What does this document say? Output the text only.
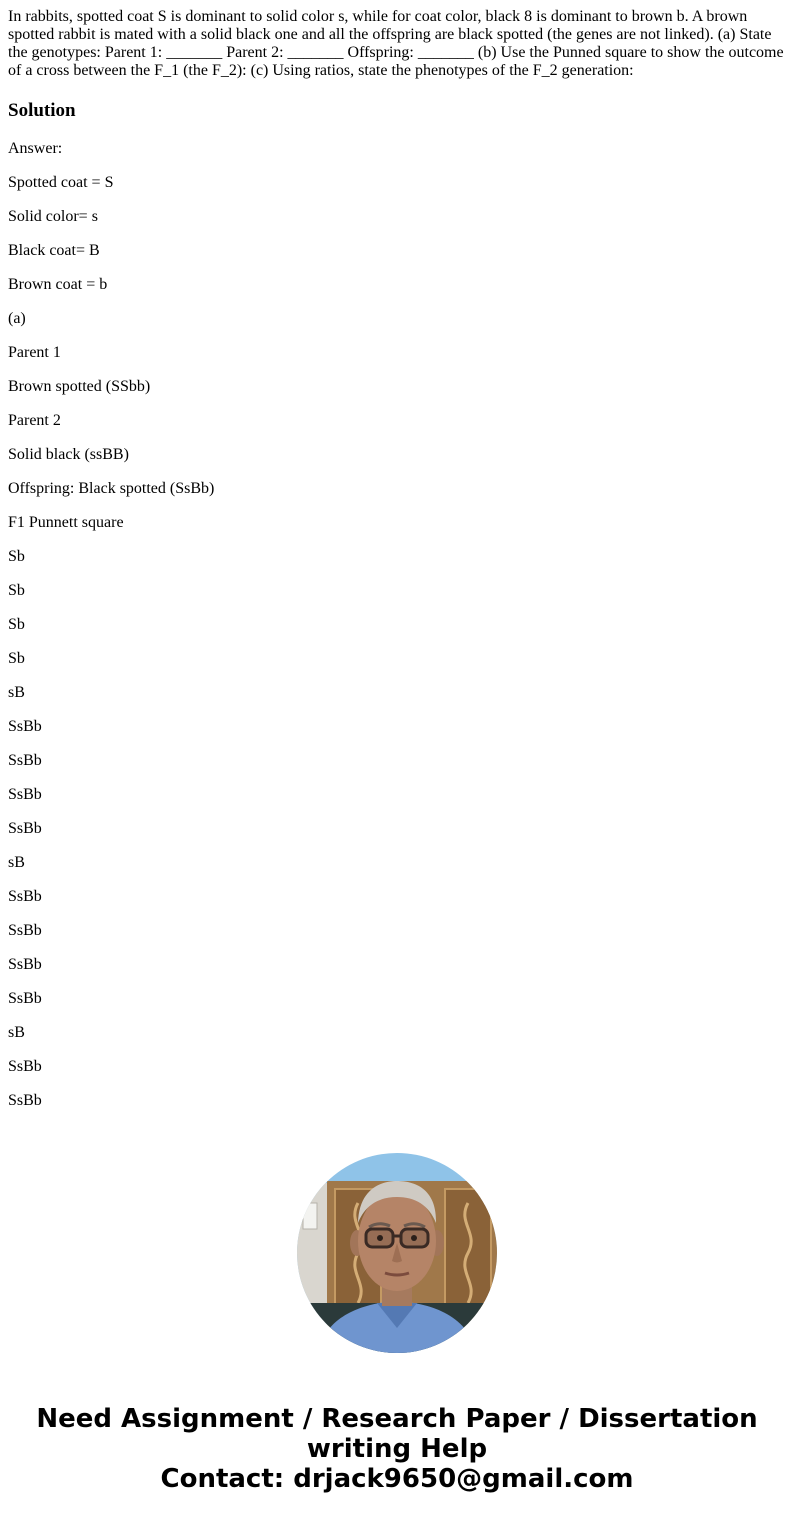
In rabbits, spotted coat S is dominant to solid color s, while for coat color, black 8 is dominant to brown b. A brown spotted rabbit is mated with a solid black one and all the offspring are black spotted (the genes are not linked). (a) State the genotypes: Parent 1: _______ Parent 2: _______ Offspring: _______ (b) Use the Punned square to show the outcome of a cross between the F_1 (the F_2): (c) Using ratios, state the phenotypes of the F_2 generation:

Solution

Answer:

Spotted coat = S

Solid color= s

Black coat= B

Brown coat = b

(a)

Parent 1

Brown spotted (SSbb)

Parent 2

Solid black (ssBB)

Offspring: Black spotted (SsBb)

F1 Punnett square

Sb

Sb

Sb

Sb

sB

SsBb

SsBb

SsBb

SsBb

sB

SsBb

SsBb

SsBb

SsBb

sB

SsBb

SsBb

Need Assignment / Research Paper / Dissertation
writing Help
Contact: drjack9650@gmail.com
